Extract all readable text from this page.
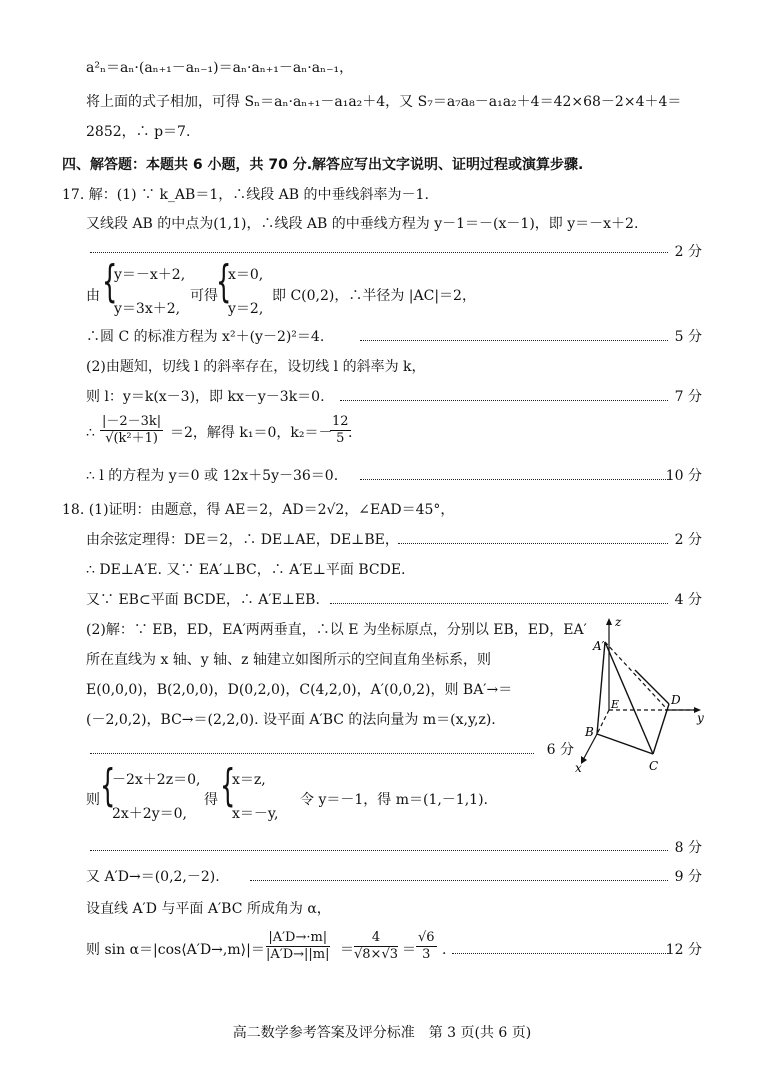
a²ₙ＝aₙ·(aₙ₊₁－aₙ₋₁)＝aₙ·aₙ₊₁－aₙ·aₙ₋₁，
将上面的式子相加，可得 Sₙ＝aₙ·aₙ₊₁－a₁a₂＋4，又 S₇＝a₇a₈－a₁a₂＋4＝42×68－2×4＋4＝
2852，∴ p＝7.
四、解答题：本题共 6 小题，共 70 分.解答应写出文字说明、证明过程或演算步骤.
17. 解：(1) ∵ k_AB＝1，∴线段 AB 的中垂线斜率为－1.
又线段 AB 的中点为(1,1)，∴线段 AB 的中垂线方程为 y－1＝－(x－1)，即 y＝－x＋2.
2 分
由 {
y＝－x＋2,
y＝3x＋2,
可得
{
x＝0,
y＝2,
即 C(0,2)，∴半径为 |AC|＝2，
∴圆 C 的标准方程为 x²＋(y－2)²＝4.	5 分
(2)由题知，切线 l 的斜率存在，设切线 l 的斜率为 k，
则 l：y＝k(x－3)，即 kx－y－3k＝0.	7 分
∴ $\frac{|-2-3k|}{\text{√(k²＋1)}} =2$，解得 k₁＝0，k₂＝－
$\frac{12}{5}$
.
∴ l 的方程为 y＝0 或 12x＋5y－36＝0.	10 分
18. (1)证明：由题意，得 AE＝2，AD＝2√2，∠EAD＝45°，
由余弦定理得：DE＝2，∴ DE⊥AE，DE⊥BE，	2 分
∴ DE⊥A′E. 又∵ EA′⊥BC，∴ A′E⊥平面 BCDE.
又∵ EB⊂平面 BCDE，∴ A′E⊥EB.	4 分
(2)解：∵ EB，ED，EA′两两垂直，∴以 E 为坐标原点，分别以 EB，ED，EA′
所在直线为 x 轴、y 轴、z 轴建立如图所示的空间直角坐标系，则
E(0,0,0)，B(2,0,0)，D(0,2,0)，C(4,2,0)，A′(0,0,2)，则 BA′→＝
(－2,0,2)，BC→＝(2,2,0). 设平面 A′BC 的法向量为 m＝(x,y,z).
6 分
z
A′
E	D
y
B
x	C
则 {
－2x＋2z＝0,
2x＋2y＝0,
得 {
x＝z,
x＝－y,
令 y＝－1，得 m＝(1,－1,1).
8 分
又 A′D→＝(0,2,－2).	9 分
设直线 A′D 与平面 A′BC 所成角为 α，
则 sin α＝|cos⟨A′D→,m⟩|＝ $\frac{|A'D\to\cdot m|}{|A'D\to||m|} = \frac{4}{√8\times√3} = \frac{√6}{3}$ .	12 分
高二数学参考答案及评分标准　第 3 页(共 6 页)
